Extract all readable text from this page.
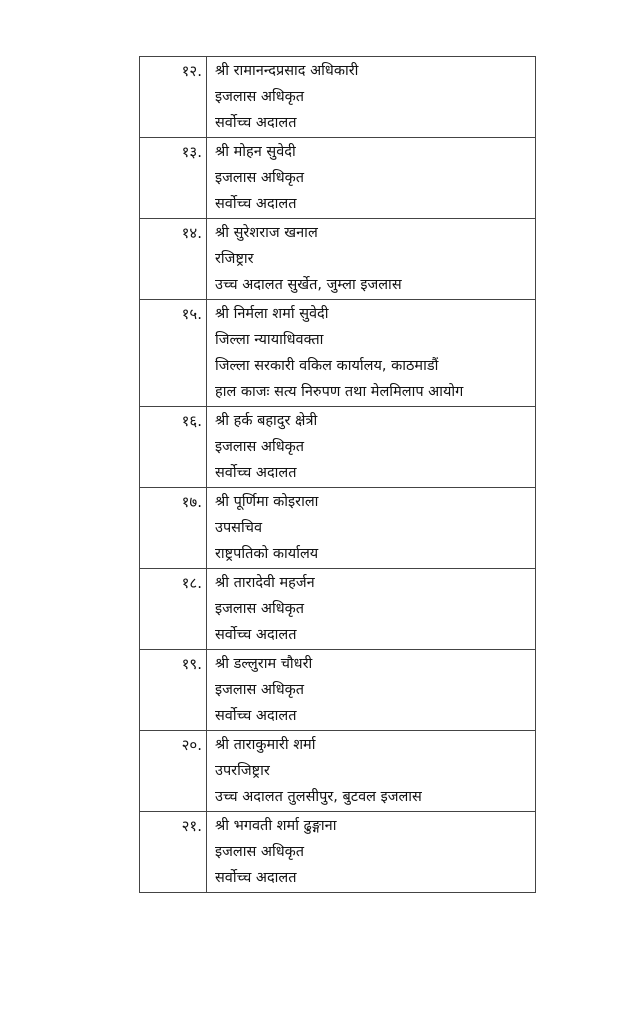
१२.	श्री रामानन्दप्रसाद अधिकारी
इजलास अधिकृत
सर्वोच्च अदालत

१३.	श्री मोहन सुवेदी
इजलास अधिकृत
सर्वोच्च अदालत

१४.	श्री सुरेशराज खनाल
रजिष्ट्रार
उच्च अदालत सुर्खेत, जुम्ला इजलास

१५.	श्री निर्मला शर्मा सुवेदी
जिल्ला न्यायाधिवक्ता
जिल्ला सरकारी वकिल कार्यालय, काठमाडौं
हाल काजः सत्य निरुपण तथा मेलमिलाप आयोग

१६.	श्री हर्क बहादुर क्षेत्री
इजलास अधिकृत
सर्वोच्च अदालत

१७.	श्री पूर्णिमा कोइराला
उपसचिव
राष्ट्रपतिको कार्यालय

१८.	श्री तारादेवी महर्जन
इजलास अधिकृत
सर्वोच्च अदालत

१९.	श्री डल्लुराम चौधरी
इजलास अधिकृत
सर्वोच्च अदालत

२०.	श्री ताराकुमारी शर्मा
उपरजिष्ट्रार
उच्च अदालत तुलसीपुर, बुटवल इजलास

२१.	श्री भगवती शर्मा ढुङ्गाना
इजलास अधिकृत
सर्वोच्च अदालत
